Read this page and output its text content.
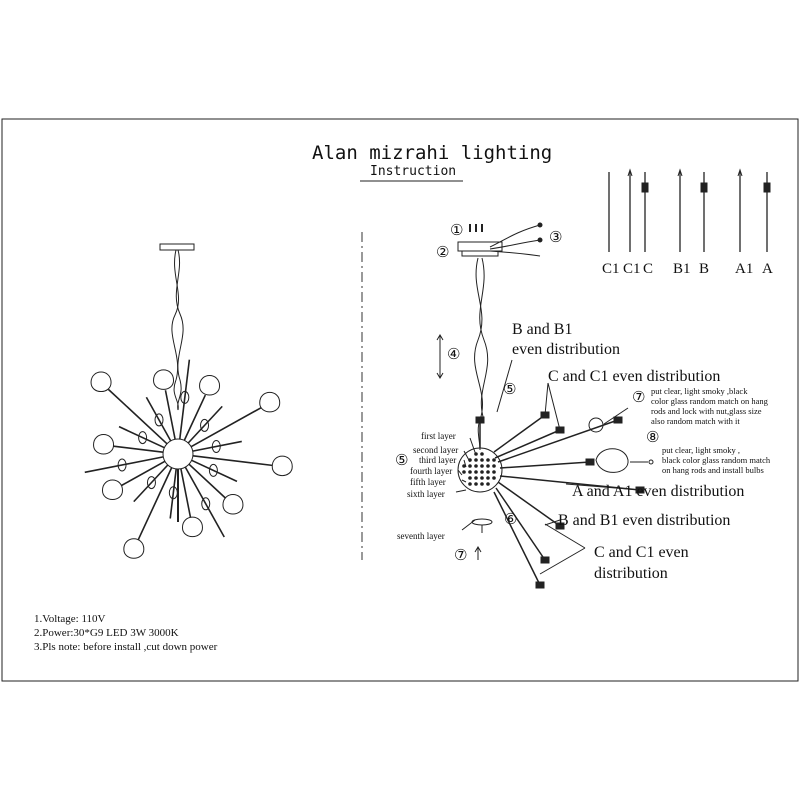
Alan mizrahi lighting
Instruction
C1 C1 C B1 B A1 A
①
②
③
④
⑤
⑤
⑥
⑦
⑦
⑧
B and B1
even distribution
C and C1 even distribution
A and A1 even distribution
B and B1 even distribution
C and C1 even
distribution
put clear, light smoky ,black
color glass random match on hang
rods and lock with nut,glass size
also random match with it
put clear, light smoky ,
black color glass random match
on hang rods and install bulbs
first layer
second layer
third layer
fourth layer
fifth layer
sixth layer
seventh layer
1.Voltage: 110V
2.Power:30*G9 LED 3W 3000K
3.Pls note: before install ,cut down power
